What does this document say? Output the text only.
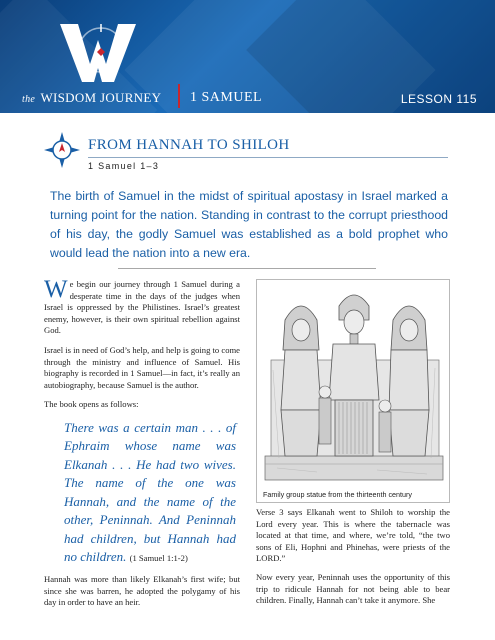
the WISDOM JOURNEY 1 SAMUEL	LESSON 115
FROM HANNAH TO SHILOH
1 Samuel 1–3
The birth of Samuel in the midst of spiritual apostasy in Israel marked a turning point for the nation. Standing in contrast to the corrupt priesthood of his day, the godly Samuel was established as a bold prophet who would lead the nation into a new era.

We begin our journey through 1 Samuel during a desperate time in the days of the judges when Israel is oppressed by the Philistines. Israel’s greatest enemy, however, is their own spiritual rebellion against God.

Israel is in need of God’s help, and help is going to come through the ministry and influence of Samuel. His biography is recorded in 1 Samuel—in fact, it’s really an autobiography, because Samuel is the author.

The book opens as follows:

There was a certain man . . . of Ephraim whose name was Elkanah . . . He had two wives. The name of the one was Hannah, and the name of the other, Peninnah. And Peninnah had children, but Hannah had no children. (1 Samuel 1:1-2)

Hannah was more than likely Elkanah’s first wife; but since she was barren, he adopted the polygamy of his day in order to have an heir.

Family group statue from the thirteenth century

Verse 3 says Elkanah went to Shiloh to worship the Lord every year. This is where the tabernacle was located at that time, and where, we’re told, “the two sons of Eli, Hophni and Phinehas, were priests of the LORD.”

Now every year, Peninnah uses the opportunity of this trip to ridicule Hannah for not being able to bear children. Finally, Hannah can’t take it anymore. She
